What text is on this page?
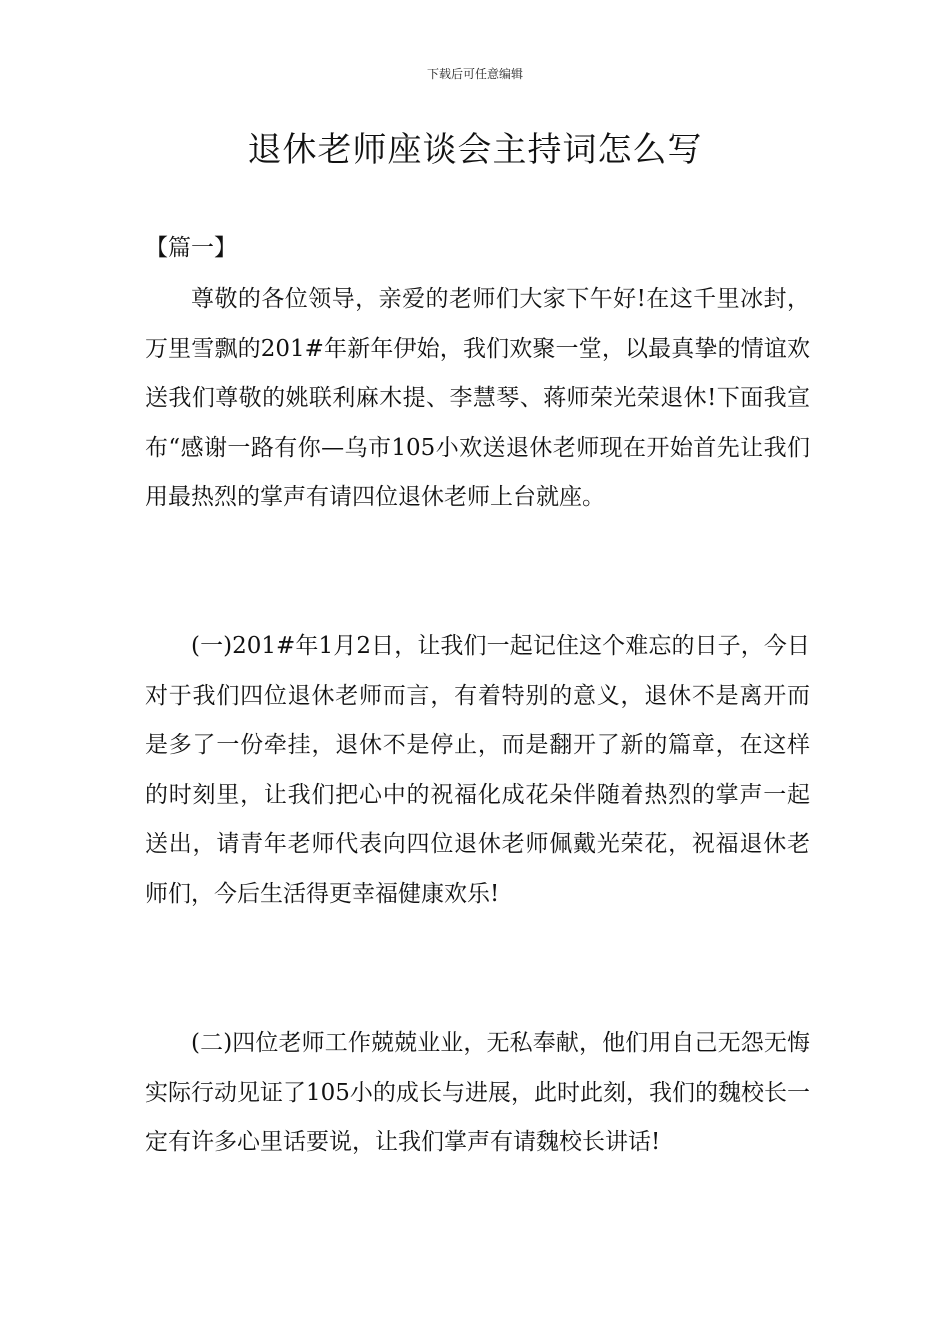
下载后可任意编辑
退休老师座谈会主持词怎么写
【篇一】

尊敬的各位领导，亲爱的老师们大家下午好!在这千里冰封，万里雪飘的201#年新年伊始，我们欢聚一堂，以最真挚的情谊欢送我们尊敬的姚联利麻木提、李慧琴、蒋师荣光荣退休!下面我宣布“感谢一路有你—乌市105小欢送退休老师现在开始首先让我们用最热烈的掌声有请四位退休老师上台就座。

(一)201#年1月2日，让我们一起记住这个难忘的日子，今日对于我们四位退休老师而言，有着特别的意义，退休不是离开而是多了一份牵挂，退休不是停止，而是翻开了新的篇章，在这样的时刻里，让我们把心中的祝福化成花朵伴随着热烈的掌声一起送出，请青年老师代表向四位退休老师佩戴光荣花，祝福退休老师们，今后生活得更幸福健康欢乐!

(二)四位老师工作兢兢业业，无私奉献，他们用自己无怨无悔实际行动见证了105小的成长与进展，此时此刻，我们的魏校长一定有许多心里话要说，让我们掌声有请魏校长讲话!
